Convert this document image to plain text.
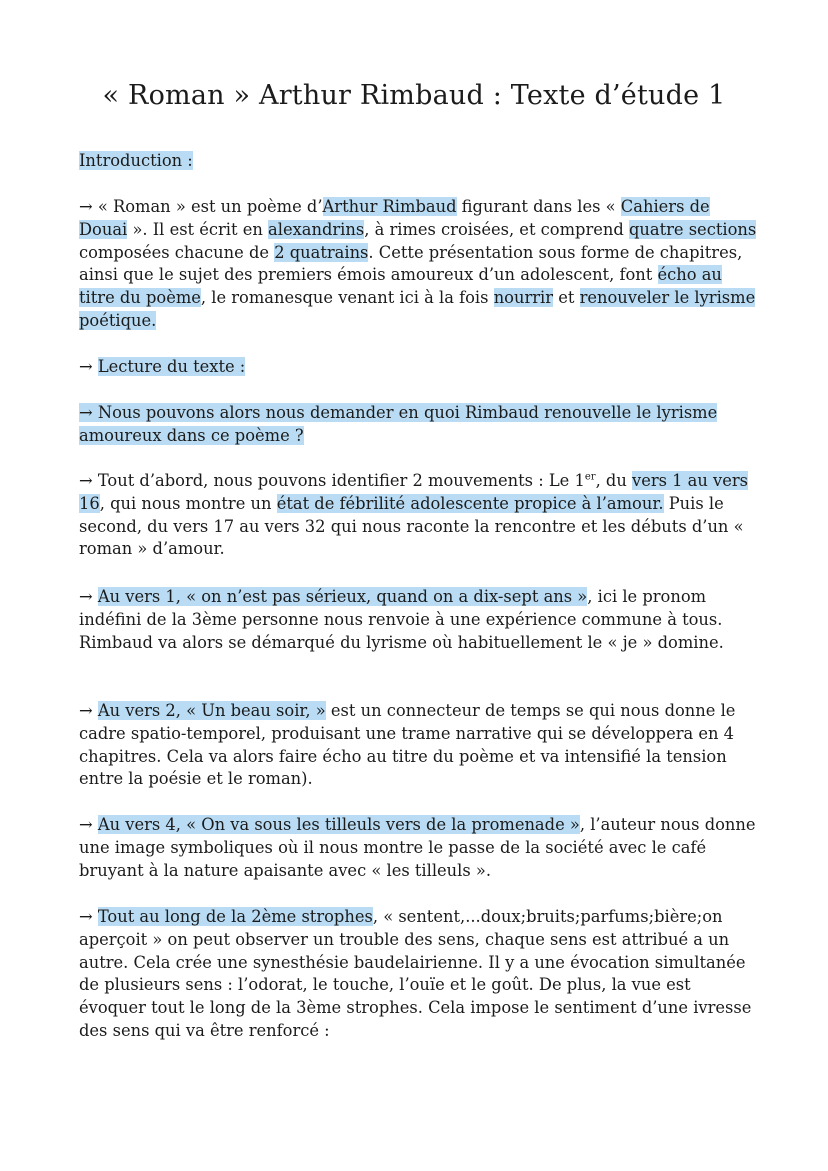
« Roman » Arthur Rimbaud : Texte d’étude 1

Introduction :

→ « Roman » est un poème d’Arthur Rimbaud figurant dans les « Cahiers de Douai ». Il est écrit en alexandrins, à rimes croisées, et comprend quatre sections composées chacune de 2 quatrains. Cette présentation sous forme de chapitres, ainsi que le sujet des premiers émois amoureux d’un adolescent, font écho au titre du poème, le romanesque venant ici à la fois nourrir et renouveler le lyrisme poétique.

→ Lecture du texte :

→ Nous pouvons alors nous demander en quoi Rimbaud renouvelle le lyrisme amoureux dans ce poème ?

→ Tout d’abord, nous pouvons identifier 2 mouvements : Le 1er, du vers 1 au vers 16, qui nous montre un état de fébrilité adolescente propice à l’amour. Puis le second, du vers 17 au vers 32 qui nous raconte la rencontre et les débuts d’un « roman » d’amour.

→ Au vers 1, « on n’est pas sérieux, quand on a dix-sept ans », ici le pronom indéfini de la 3ème personne nous renvoie à une expérience commune à tous. Rimbaud va alors se démarqué du lyrisme où habituellement le « je » domine.

→ Au vers 2, « Un beau soir, » est un connecteur de temps se qui nous donne le cadre spatio-temporel, produisant une trame narrative qui se développera en 4 chapitres. Cela va alors faire écho au titre du poème et va intensifié la tension entre la poésie et le roman).

→ Au vers 4, « On va sous les tilleuls vers de la promenade », l’auteur nous donne une image symboliques où il nous montre le passe de la société avec le café bruyant à la nature apaisante avec « les tilleuls ».

→ Tout au long de la 2ème strophes, « sentent,...doux;bruits;parfums;bière;on aperçoit » on peut observer un trouble des sens, chaque sens est attribué a un autre. Cela crée une synesthésie baudelairienne. Il y a une évocation simultanée de plusieurs sens : l’odorat, le touche, l’ouïe et le goût. De plus, la vue est évoquer tout le long de la 3ème strophes. Cela impose le sentiment d’une ivresse des sens qui va être renforcé :
